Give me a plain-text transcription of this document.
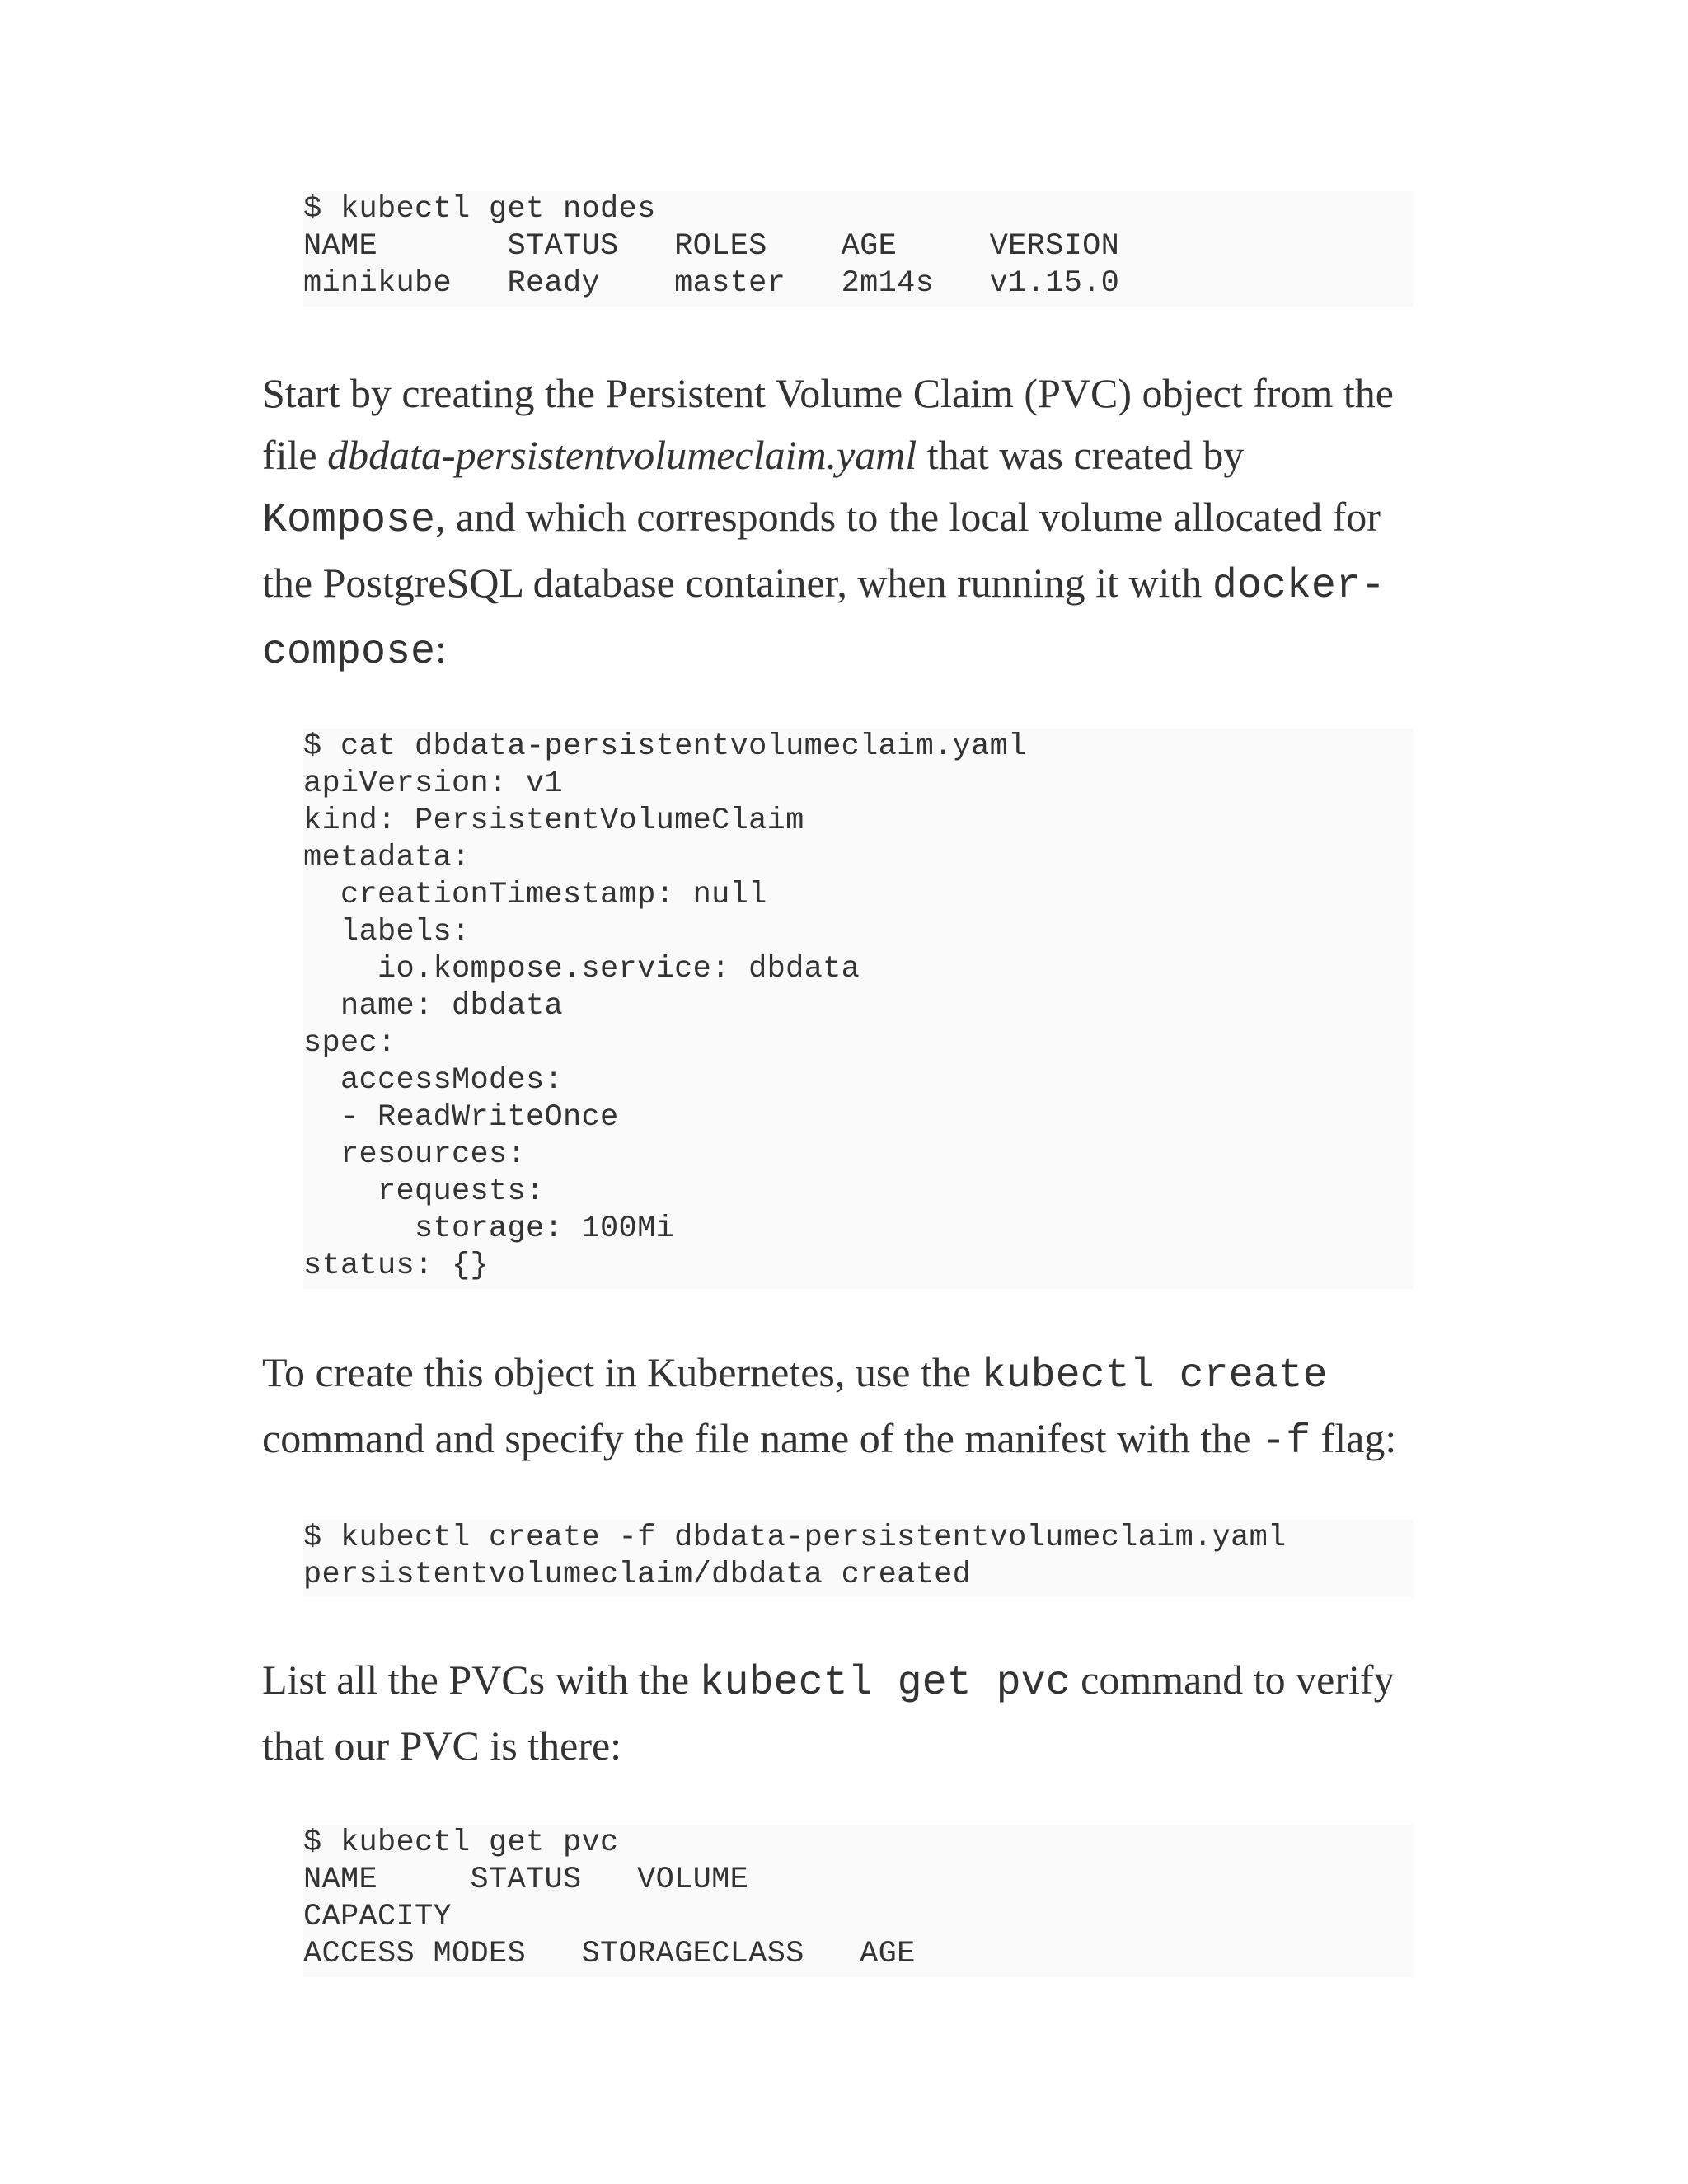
$ kubectl get nodes
NAME       STATUS   ROLES    AGE     VERSION
minikube   Ready    master   2m14s   v1.15.0
Start by creating the Persistent Volume Claim (PVC) object from the
file dbdata-persistentvolumeclaim.yaml that was created by
Kompose, and which corresponds to the local volume allocated for
the PostgreSQL database container, when running it with docker-
compose:
$ cat dbdata-persistentvolumeclaim.yaml
apiVersion: v1
kind: PersistentVolumeClaim
metadata:
creationTimestamp: null
labels:
io.kompose.service: dbdata
name: dbdata
spec:
accessModes:
- ReadWriteOnce
resources:
requests:
storage: 100Mi
status: {}
To create this object in Kubernetes, use the kubectl create
command and specify the file name of the manifest with the -f flag:
$ kubectl create -f dbdata-persistentvolumeclaim.yaml
persistentvolumeclaim/dbdata created
List all the PVCs with the kubectl get pvc command to verify
that our PVC is there:
$ kubectl get pvc
NAME     STATUS   VOLUME
CAPACITY
ACCESS MODES   STORAGECLASS   AGE
